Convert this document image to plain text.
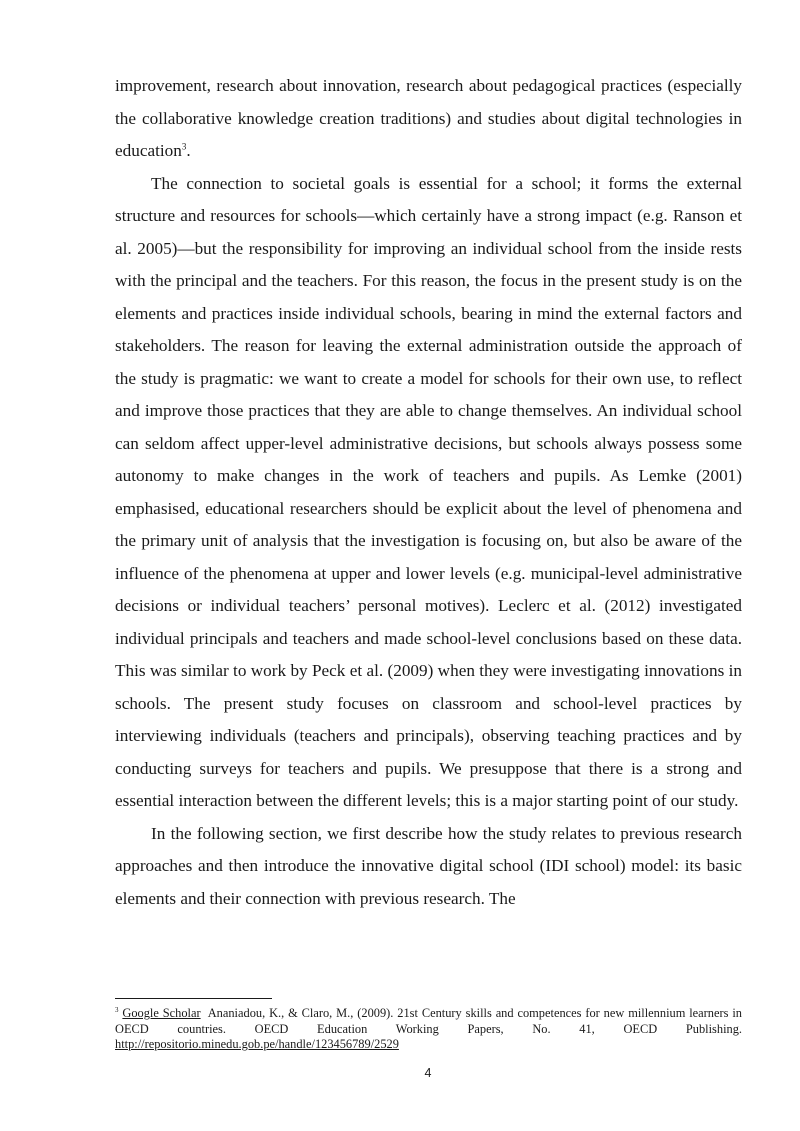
improvement, research about innovation, research about pedagogical practices (especially the collaborative knowledge creation traditions) and studies about digital technologies in education$^3$.

The connection to societal goals is essential for a school; it forms the external structure and resources for schools—which certainly have a strong impact (e.g. Ranson et al. 2005)—but the responsibility for improving an individual school from the inside rests with the principal and the teachers. For this reason, the focus in the present study is on the elements and practices inside individual schools, bearing in mind the external factors and stakeholders. The reason for leaving the external administration outside the approach of the study is pragmatic: we want to create a model for schools for their own use, to reflect and improve those practices that they are able to change themselves. An individual school can seldom affect upper-level administrative decisions, but schools always possess some autonomy to make changes in the work of teachers and pupils. As Lemke (2001) emphasised, educational researchers should be explicit about the level of phenomena and the primary unit of analysis that the investigation is focusing on, but also be aware of the influence of the phenomena at upper and lower levels (e.g. municipal-level administrative decisions or individual teachers’ personal motives). Leclerc et al. (2012) investigated individual principals and teachers and made school-level conclusions based on these data. This was similar to work by Peck et al. (2009) when they were investigating innovations in schools. The present study focuses on classroom and school-level practices by interviewing individuals (teachers and principals), observing teaching practices and by conducting surveys for teachers and pupils. We presuppose that there is a strong and essential interaction between the different levels; this is a major starting point of our study.

In the following section, we first describe how the study relates to previous research approaches and then introduce the innovative digital school (IDI school) model: its basic elements and their connection with previous research. The

$^3$ Google Scholar Ananiadou, K., & Claro, M., (2009). 21st Century skills and competences for new millennium learners in OECD countries. OECD Education Working Papers, No. 41, OECD Publishing. http://repositorio.minedu.gob.pe/handle/123456789/2529

4
